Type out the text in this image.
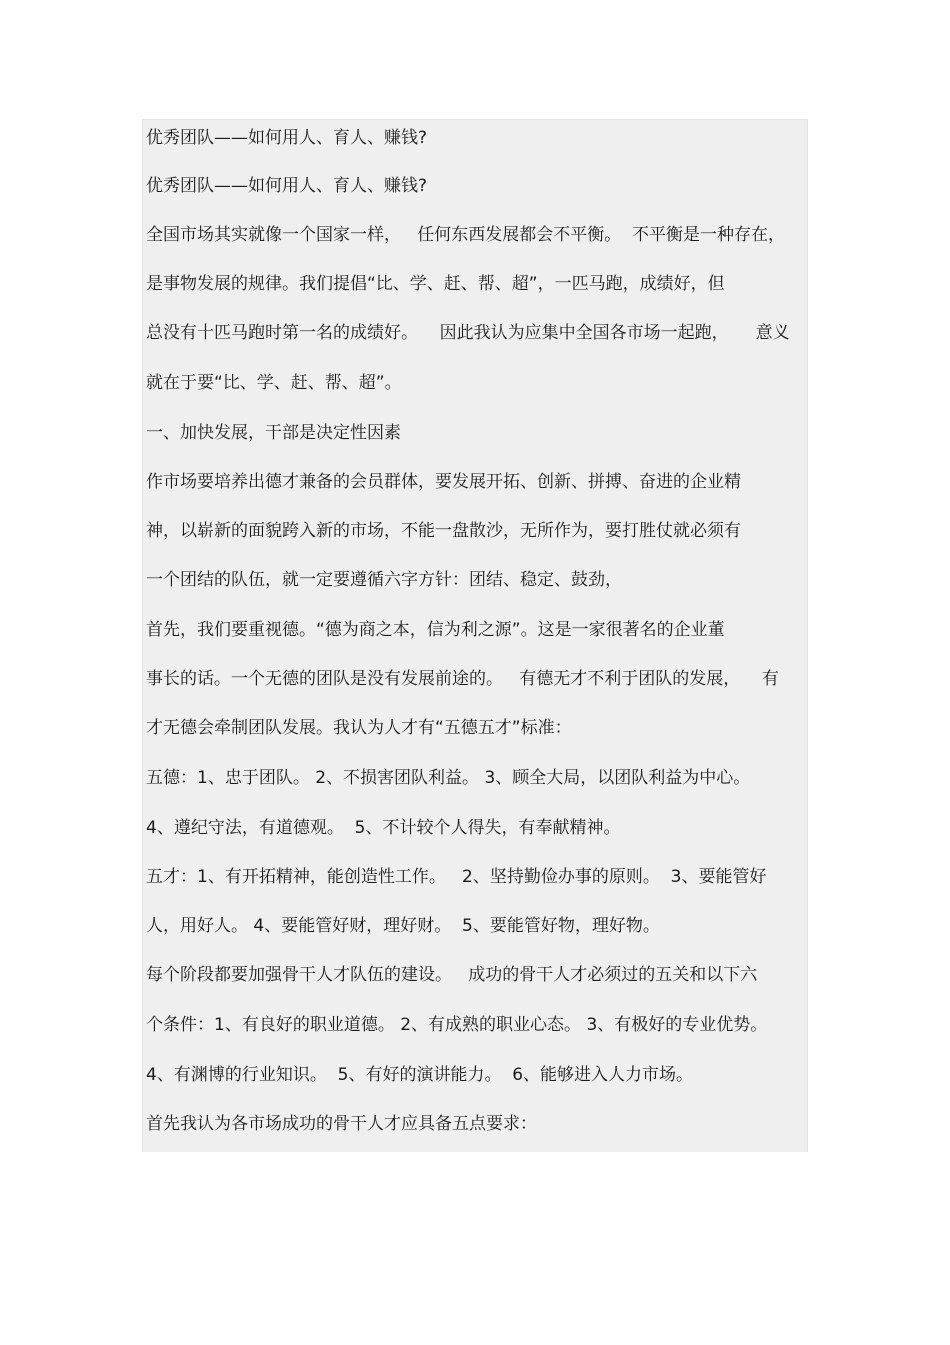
优秀团队——如何用人、育人、赚钱?
优秀团队——如何用人、育人、赚钱?
全国市场其实就像一个国家一样，   任何东西发展都会不平衡。  不平衡是一种存在，
是事物发展的规律。我们提倡“比、学、赶、帮、超”，一匹马跑，成绩好，但
总没有十匹马跑时第一名的成绩好。    因此我认为应集中全国各市场一起跑，     意义
就在于要“比、学、赶、帮、超”。
一、加快发展，干部是决定性因素
作市场要培养出德才兼备的会员群体，要发展开拓、创新、拼搏、奋进的企业精
神，以崭新的面貌跨入新的市场，不能一盘散沙，无所作为，要打胜仗就必须有
一个团结的队伍，就一定要遵循六字方针：团结、稳定、鼓劲，
首先，我们要重视德。“德为商之本，信为利之源”。这是一家很著名的企业董
事长的话。一个无德的团队是没有发展前途的。   有德无才不利于团队的发展，    有
才无德会牵制团队发展。我认为人才有“五德五才”标准：
五德：1、忠于团队。 2、不损害团队利益。 3、顾全大局，以团队利益为中心。
4、遵纪守法，有道德观。  5、不计较个人得失，有奉献精神。
五才：1、有开拓精神，能创造性工作。   2、坚持勤俭办事的原则。  3、要能管好
人，用好人。 4、要能管好财，理好财。  5、要能管好物，理好物。
每个阶段都要加强骨干人才队伍的建设。   成功的骨干人才必须过的五关和以下六
个条件：1、有良好的职业道德。 2、有成熟的职业心态。 3、有极好的专业优势。
4、有渊博的行业知识。  5、有好的演讲能力。  6、能够进入人力市场。
首先我认为各市场成功的骨干人才应具备五点要求：
